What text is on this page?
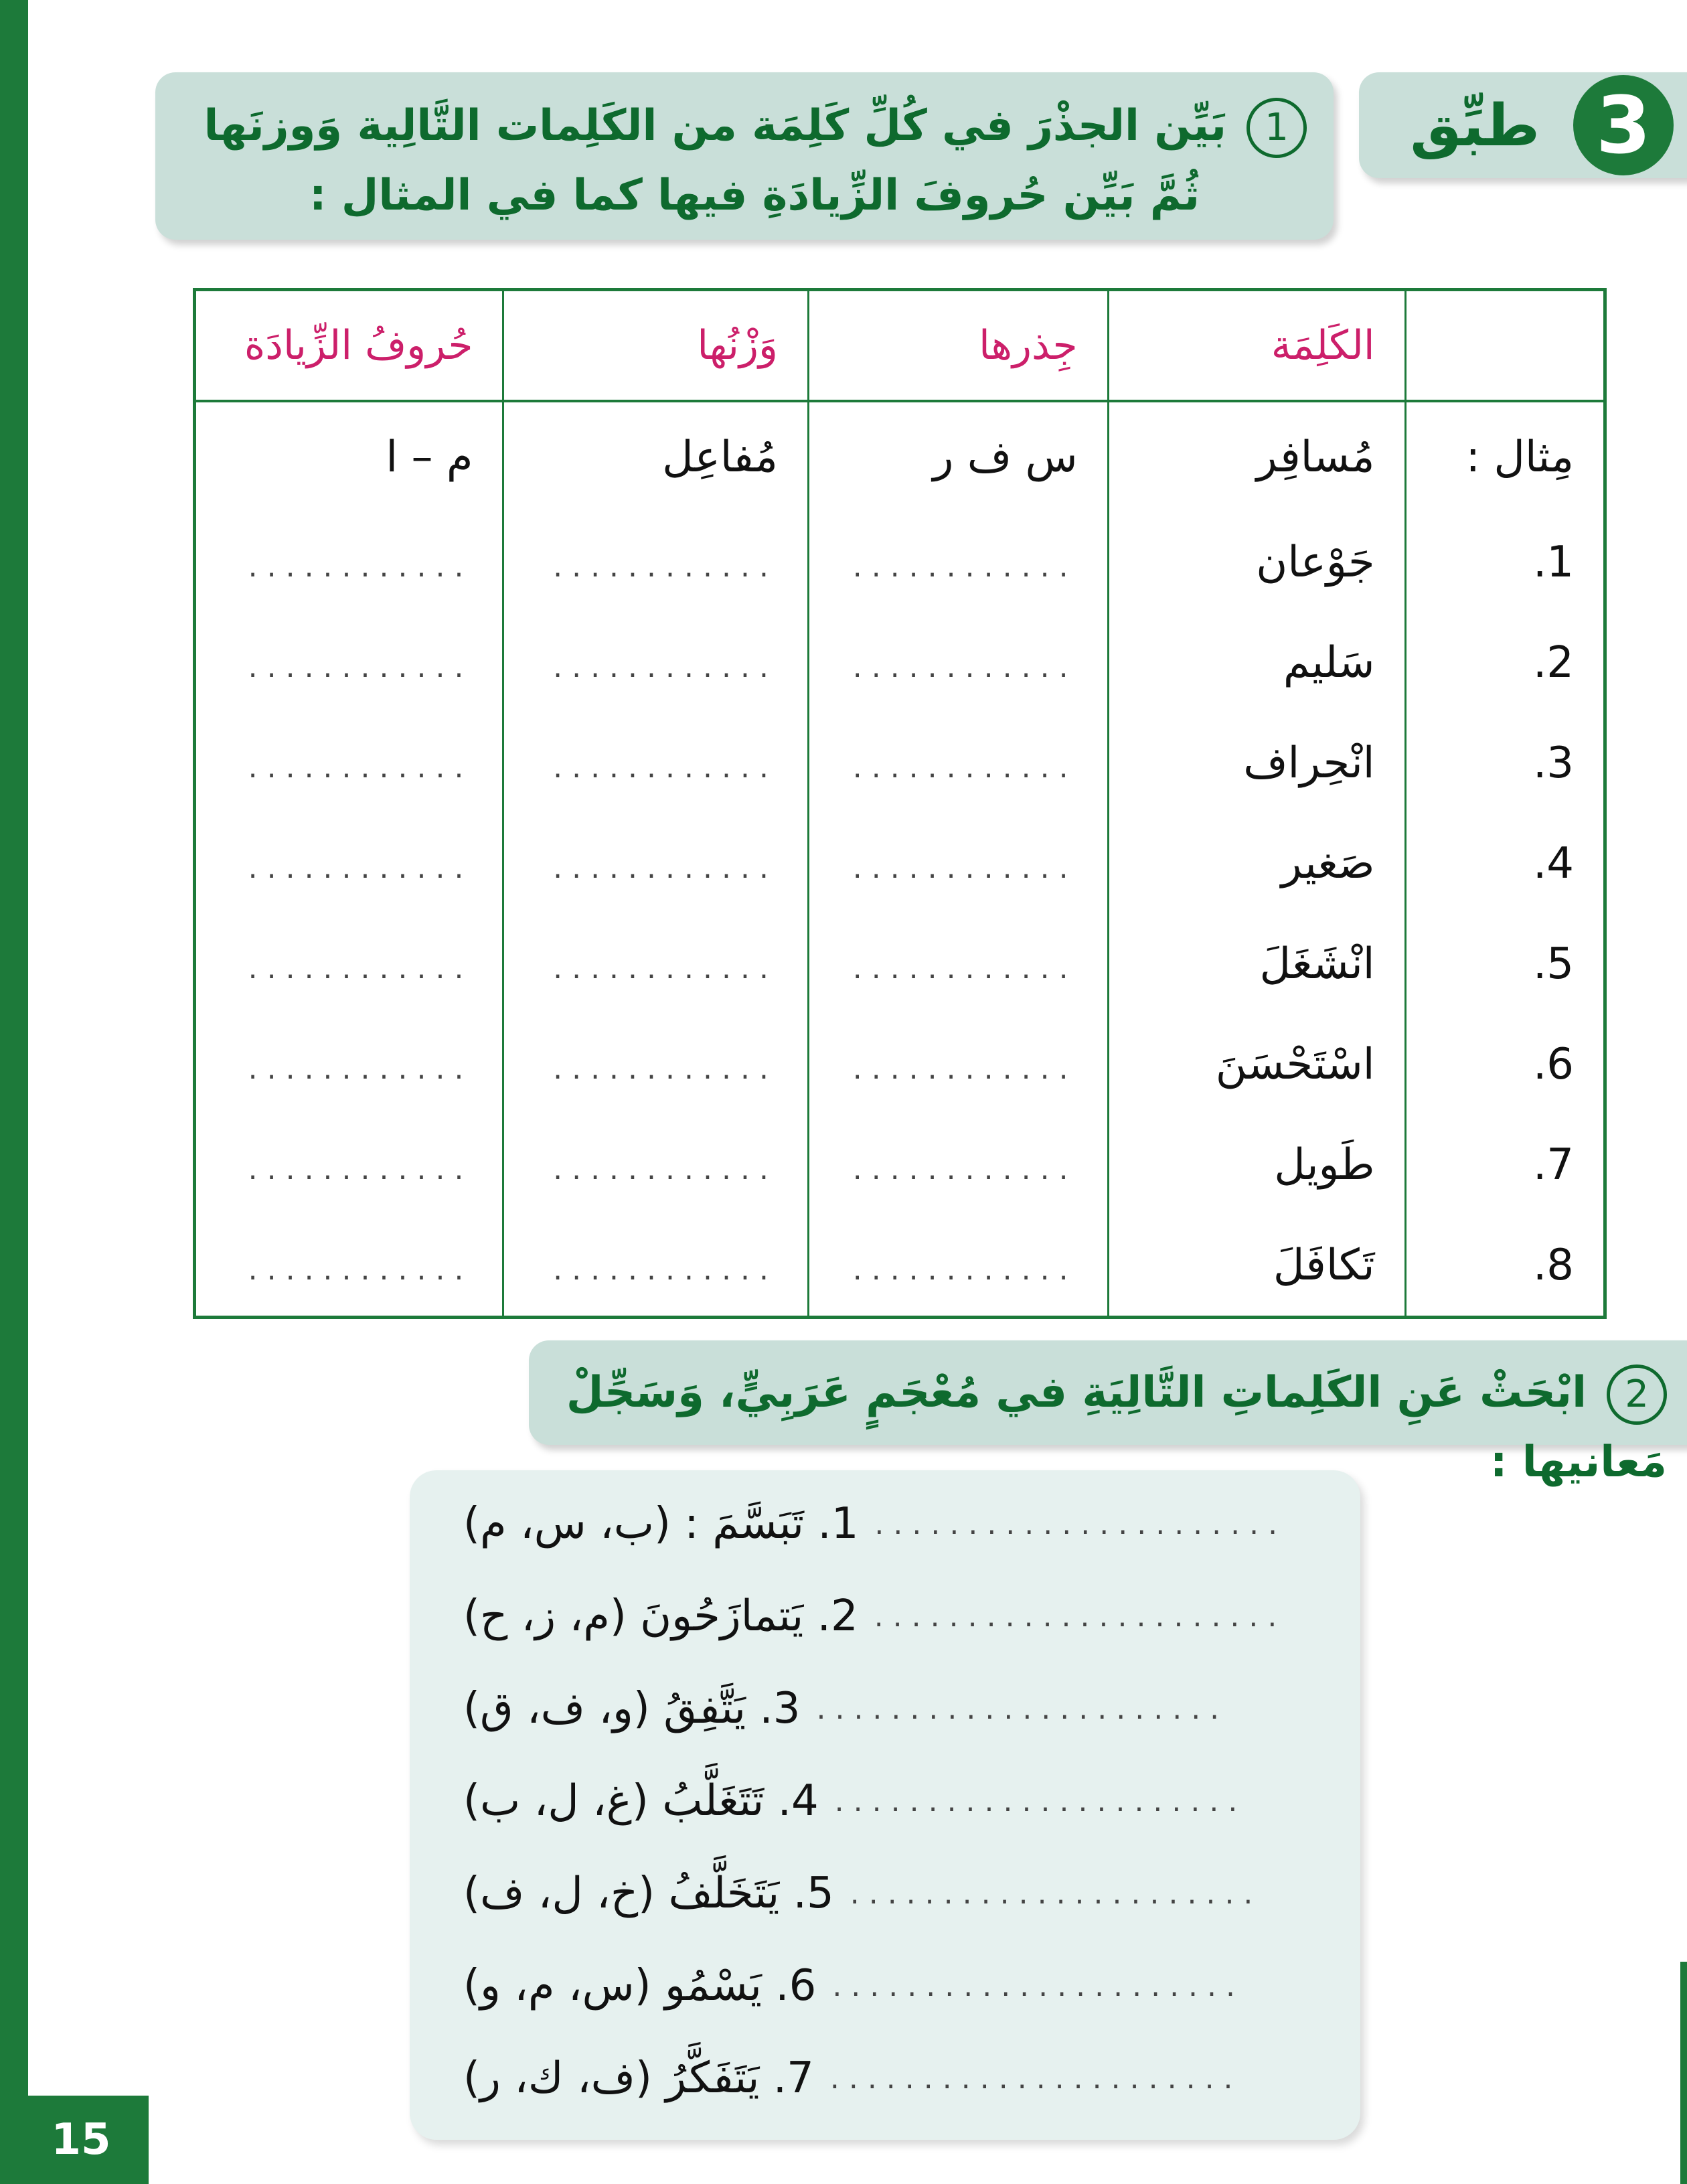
طبِّق 3
1بَيِّن الجذْرَ في كُلِّ كَلِمَة من الكَلِمات التَّالِية وَوزنَها
ثُمَّ بَيِّن حُروفَ الزِّيادَةِ فيها كما في المثال :
	الكَلِمَة	جِذرها	وَزْنُها	حُروفُ الزِّيادَة
مِثال :	مُسافِر	س ف ر	مُفاعِل	م – ا
1.	جَوْعان	............	............	............
2.	سَليم	............	............	............
3.	انْحِراف	............	............	............
4.	صَغير	............	............	............
5.	انْشَغَلَ	............	............	............
6.	اسْتَحْسَنَ	............	............	............
7.	طَويل	............	............	............
8.	تَكافَلَ	............	............	............
2ابْحَثْ عَنِ الكَلِماتِ التَّالِيَةِ في مُعْجَمٍ عَرَبِيٍّ، وَسَجِّلْ مَعانيها :
1. تَبَسَّمَ : (ب، س، م) ......................
2. يَتمازَحُونَ (م، ز، ح) ......................
3. يَتَّفِقُ (و، ف، ق) ......................
4. تَتَغَلَّبُ (غ، ل، ب) ......................
5. يَتَخَلَّفُ (خ، ل، ف) ......................
6. يَسْمُو (س، م، و) ......................
7. يَتَفَكَّرُ (ف، ك، ر) ......................
15
